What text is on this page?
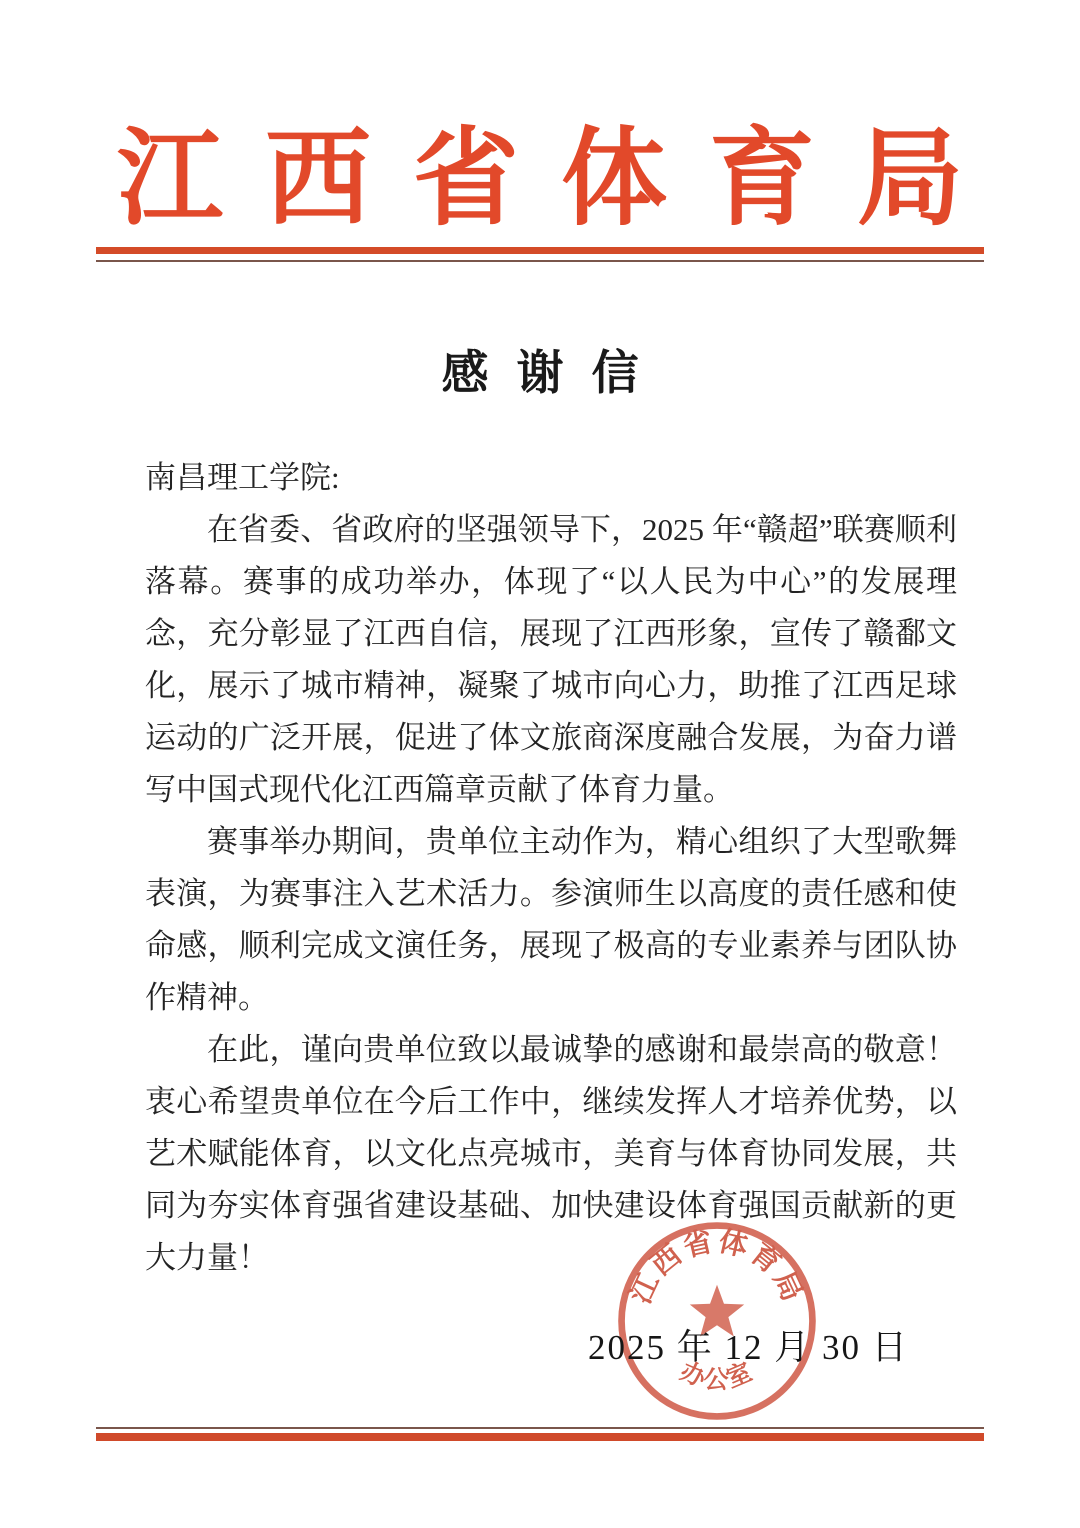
江西省体育局
感谢信

南昌理工学院:

在省委、省政府的坚强领导下，2025 年“赣超”联赛顺利落幕。赛事的成功举办，体现了“以人民为中心”的发展理念，充分彰显了江西自信，展现了江西形象，宣传了赣鄱文化，展示了城市精神，凝聚了城市向心力，助推了江西足球运动的广泛开展，促进了体文旅商深度融合发展，为奋力谱写中国式现代化江西篇章贡献了体育力量。

赛事举办期间，贵单位主动作为，精心组织了大型歌舞表演，为赛事注入艺术活力。参演师生以高度的责任感和使命感，顺利完成文演任务，展现了极高的专业素养与团队协作精神。

在此，谨向贵单位致以最诚挚的感谢和最崇高的敬意！衷心希望贵单位在今后工作中，继续发挥人才培养优势，以艺术赋能体育，以文化点亮城市，美育与体育协同发展，共同为夯实体育强省建设基础、加快建设体育强国贡献新的更大力量！

江西省体育局
办公室
2025 年 12 月 30 日
